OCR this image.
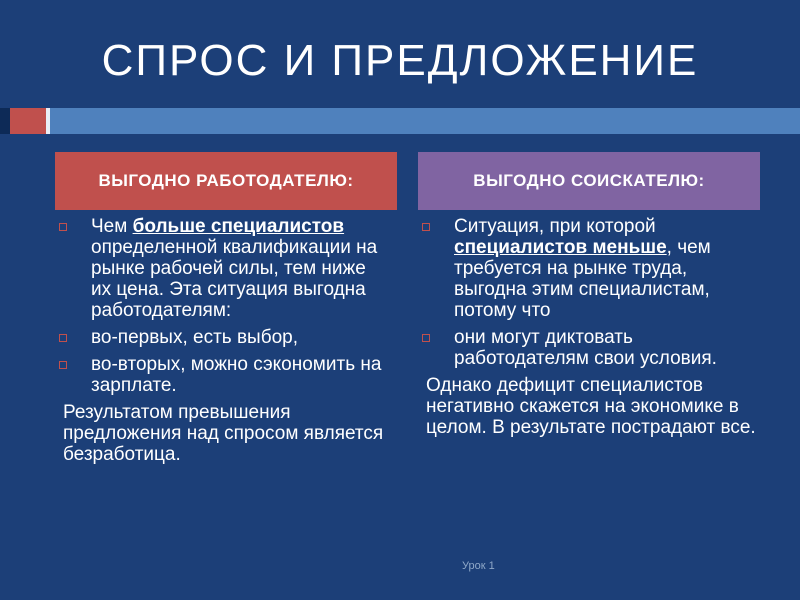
СПРОС И ПРЕДЛОЖЕНИЕ
ВЫГОДНО РАБОТОДАТЕЛЮ:	ВЫГОДНО СОИСКАТЕЛЮ:
Чем больше специалистов определенной квалификации на рынке рабочей силы, тем ниже их цена. Эта ситуация выгодна работодателям:
во-первых, есть выбор,
во-вторых, можно сэкономить на зарплате.
Результатом превышения предложения над спросом является безработица.
Ситуация, при которой специалистов меньше, чем требуется на рынке труда, выгодна этим специалистам, потому что
они могут диктовать работодателям свои условия.
Однако дефицит специалистов негативно скажется на экономике в целом. В результате пострадают все.
Урок 1
